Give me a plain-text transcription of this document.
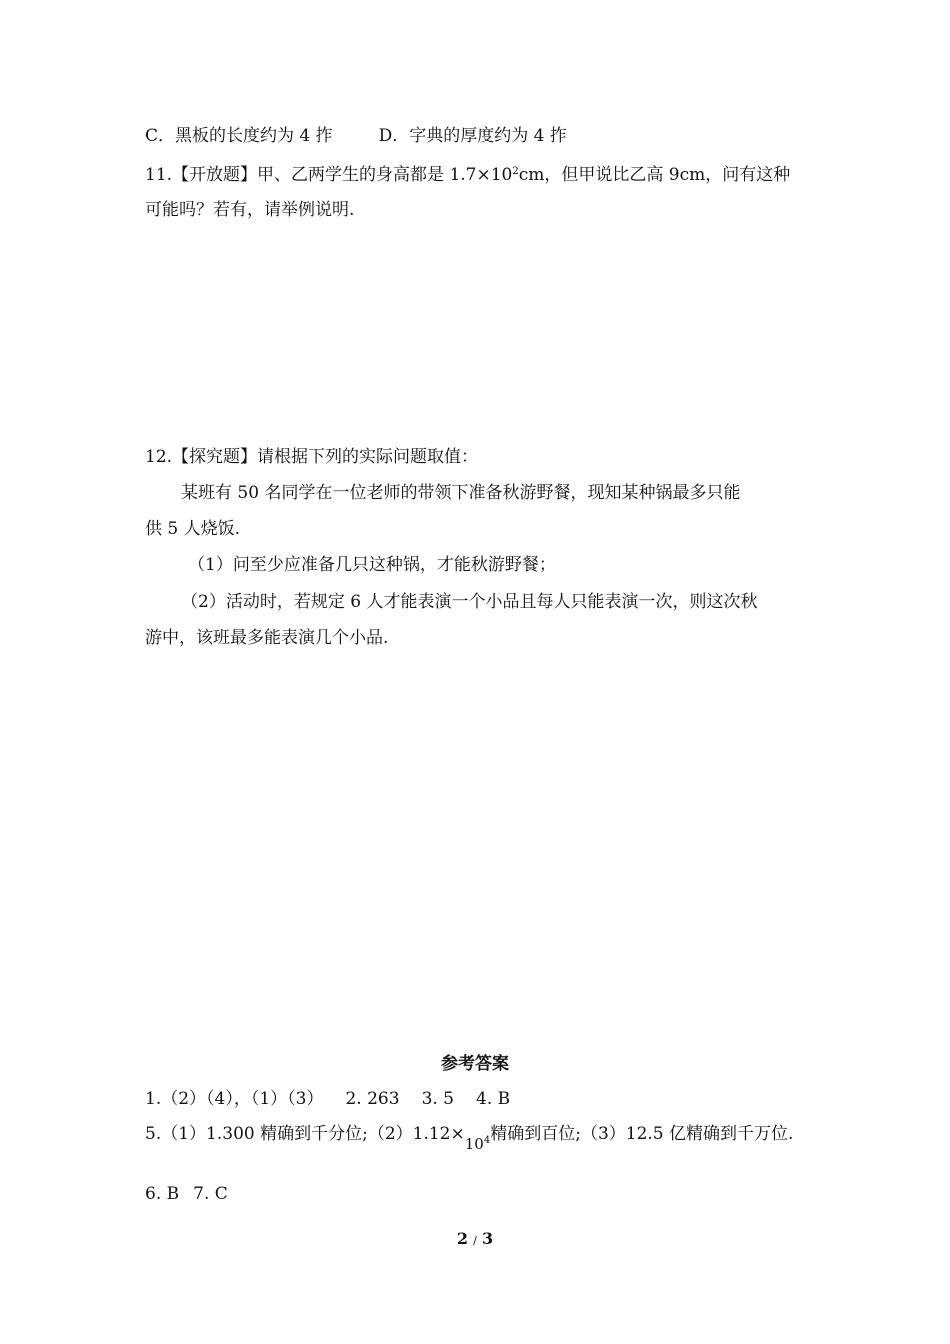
C．黑板的长度约为 4 拃	D．字典的厚度约为 4 拃
11.【开放题】甲、乙两学生的身高都是 $1.7\times 10^2cm$，但甲说比乙高 9cm，问有这种
可能吗？若有，请举例说明.
12.【探究题】请根据下列的实际问题取值：
某班有 50 名同学在一位老师的带领下准备秋游野餐，现知某种锅最多只能
供 5 人烧饭.
（1）问至少应准备几只这种锅，才能秋游野餐；
（2）活动时，若规定 6 人才能表演一个小品且每人只能表演一次，则这次秋
游中，该班最多能表演几个小品.
参考答案
1.（2）（4），（1）（3） 2. 263 3. 5 4. B
5.（1）1.300 精确到千分位$;(2)1.12\times 10^4$精确到百位;（3）12.5 亿精确到千万位.
6. B 7. C
2 / 3
